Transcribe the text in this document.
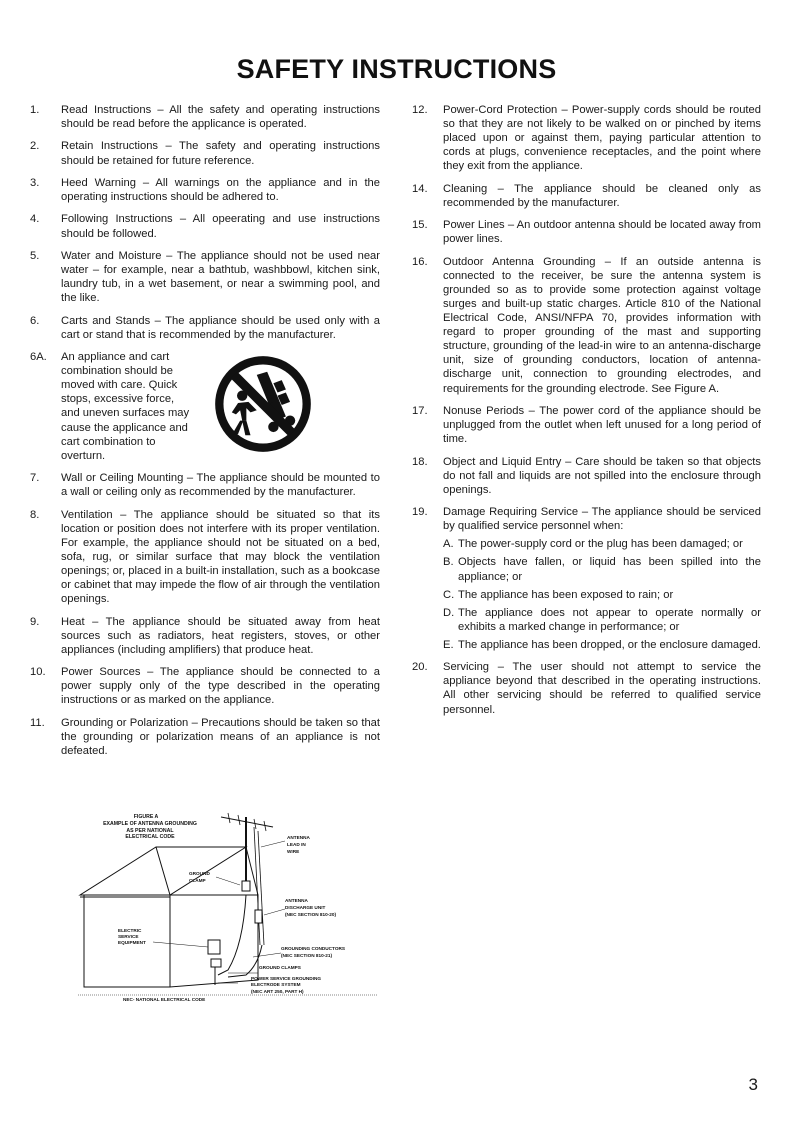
SAFETY INSTRUCTIONS
1. Read Instructions – All the safety and operating instructions should be read before the applicance is operated.
2. Retain Instructions – The safety and operating instructions should be retained for future reference.
3. Heed Warning – All warnings on the appliance and in the operating instructions should be adhered to.
4. Following Instructions – All opeerating and use instructions should be followed.
5. Water and Moisture – The appliance should not be used near water – for example, near a bathtub, washbbowl, kitchen sink, laundry tub, in a wet basement, or near a swimming pool, and the like.
6. Carts and Stands – The appliance should be used only with a cart or stand that is recommended by the manufacturer.
6A. An appliance and cart combination should be moved with care. Quick stops, excessive force, and uneven surfaces may cause the applicance and cart combination to overturn.
7. Wall or Ceiling Mounting – The appliance should be mounted to a wall or ceiling only as recommended by the manufacturer.
8. Ventilation – The appliance should be situated so that its location or position does not interfere with its proper ventilation. For example, the appliance should not be situated on a bed, sofa, rug, or similar surface that may block the ventilation openings; or, placed in a built-in installation, such as a bookcase or cabinet that may impede the flow of air through the ventilation openings.
9. Heat – The appliance should be situated away from heat sources such as radiators, heat registers, stoves, or other appliances (including amplifiers) that produce heat.
10. Power Sources – The appliance should be connected to a power supply only of the type described in the operating instructions or as marked on the appliance.
11. Grounding or Polarization – Precautions should be taken so that the grounding or polarization means of an appliance is not defeated.
12. Power-Cord Protection – Power-supply cords should be routed so that they are not likely to be walked on or pinched by items placed upon or against them, paying particular attention to cords at plugs, convenience receptacles, and the point where they exit from the appliance.
14. Cleaning – The appliance should be cleaned only as recommended by the manufacturer.
15. Power Lines – An outdoor antenna should be located away from power lines.
16. Outdoor Antenna Grounding – If an outside antenna is connected to the receiver, be sure the antenna system is grounded so as to provide some protection against voltage surges and built-up static charges. Article 810 of the National Electrical Code, ANSI/NFPA 70, provides information with regard to proper grounding of the mast and supporting structure, grounding of the lead-in wire to an antenna-discharge unit, size of grounding conductors, location of antenna-discharge unit, connection to grounding electrodes, and requirements for the grounding electrode. See Figure A.
17. Nonuse Periods – The power cord of the appliance should be unplugged from the outlet when left unused for a long period of time.
18. Object and Liquid Entry – Care should be taken so that objects do not fall and liquids are not spilled into the enclosure through openings.
19. Damage Requiring Service – The appliance should be serviced by qualified service personnel when:
A. The power-supply cord or the plug has been damaged; or
B. Objects have fallen, or liquid has been spilled into the appliance; or
C. The appliance has been exposed to rain; or
D. The appliance does not appear to operate normally or exhibits a marked change in performance; or
E. The appliance has been dropped, or the enclosure damaged.
20. Servicing – The user should not attempt to service the appliance beyond that described in the operating instructions. All other servicing should be referred to qualified service personnel.
FIGURE A
EXAMPLE OF ANTENNA GROUNDING
AS PER NATIONAL
ELECTRICAL CODE	ANTENNA
LEAD IN
WIRE
GROUND
CLAMP
ANTENNA
DISCHARGE UNIT
(NEC SECTION 810-20)
ELECTRIC
SERVICE
EQUIPMENT
GROUNDING CONDUCTORS
(NEC SECTION 810-21)
GROUND CLAMPS
POWER SERVICE GROUNDING
ELECTRODE SYSTEM
(NEC ART 250, PART H)
NEC- NATIONAL ELECTRICAL CODE
3
